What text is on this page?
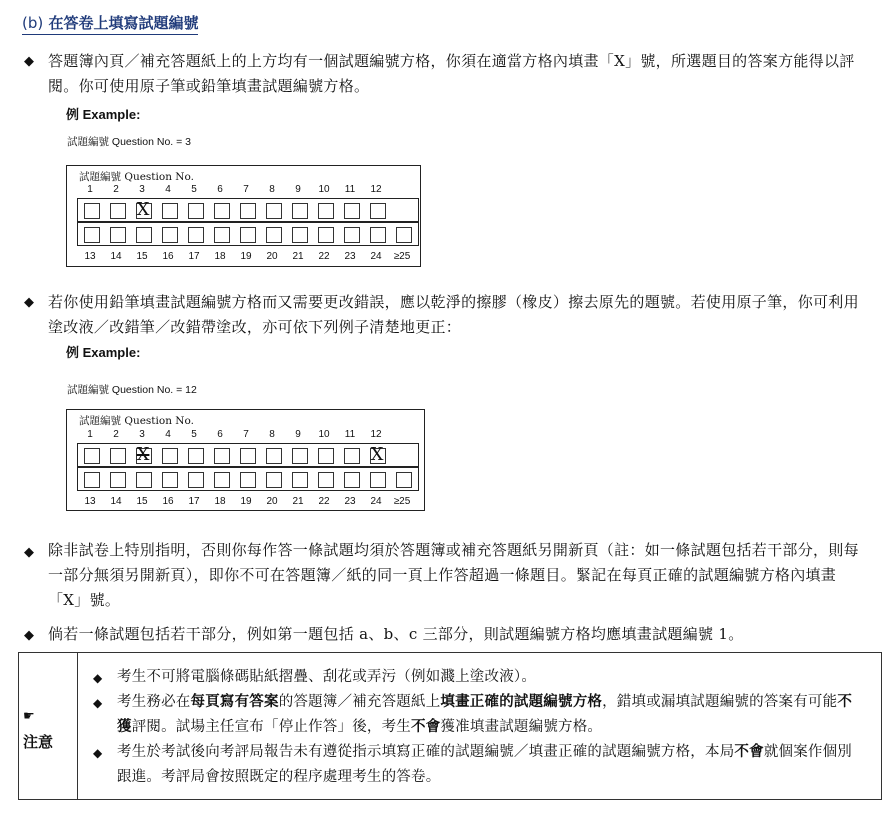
(b) 在答卷上填寫試題編號
◆ 答題簿內頁／補充答題紙上的上方均有一個試題編號方格，你須在適當方格內填畫「X」號，所選題目的答案方能得以評閱。你可使用原子筆或鉛筆填畫試題編號方格。
例 Example:
試題編號 Question No. = 3
試題編號 Question No.
1	2	3	4	5	6	7	8	9	10	11	12
X
13	14	15	16	17	18	19	20	21	22	23	24	≥25
◆ 若你使用鉛筆填畫試題編號方格而又需要更改錯誤，應以乾淨的擦膠（橡皮）擦去原先的題號。若使用原子筆，你可利用塗改液／改錯筆／改錯帶塗改，亦可依下列例子清楚地更正：
例 Example:
試題編號 Question No. = 12
試題編號 Question No.
1	2	3	4	5	6	7	8	9	10	11	12
X
X
13	14	15	16	17	18	19	20	21	22	23	24	≥25
◆ 除非試卷上特別指明，否則你每作答一條試題均須於答題簿或補充答題紙另開新頁（註：如一條試題包括若干部分，則每一部分無須另開新頁），即你不可在答題簿／紙的同一頁上作答超過一條題目。緊記在每頁正確的試題編號方格內填畫「X」號。
◆ 倘若一條試題包括若干部分，例如第一題包括 a、b、c 三部分，則試題編號方格均應填畫試題編號 1。
☛
注意
◆ 考生不可將電腦條碼貼紙摺疊、刮花或弄污（例如濺上塗改液）。
◆ 考生務必在每頁寫有答案的答題簿／補充答題紙上填畫正確的試題編號方格，錯填或漏填試題編號的答案有可能不獲評閱。試場主任宣布「停止作答」後，考生不會獲准填畫試題編號方格。
◆ 考生於考試後向考評局報告未有遵從指示填寫正確的試題編號／填畫正確的試題編號方格，本局不會就個案作個別跟進。考評局會按照既定的程序處理考生的答卷。
